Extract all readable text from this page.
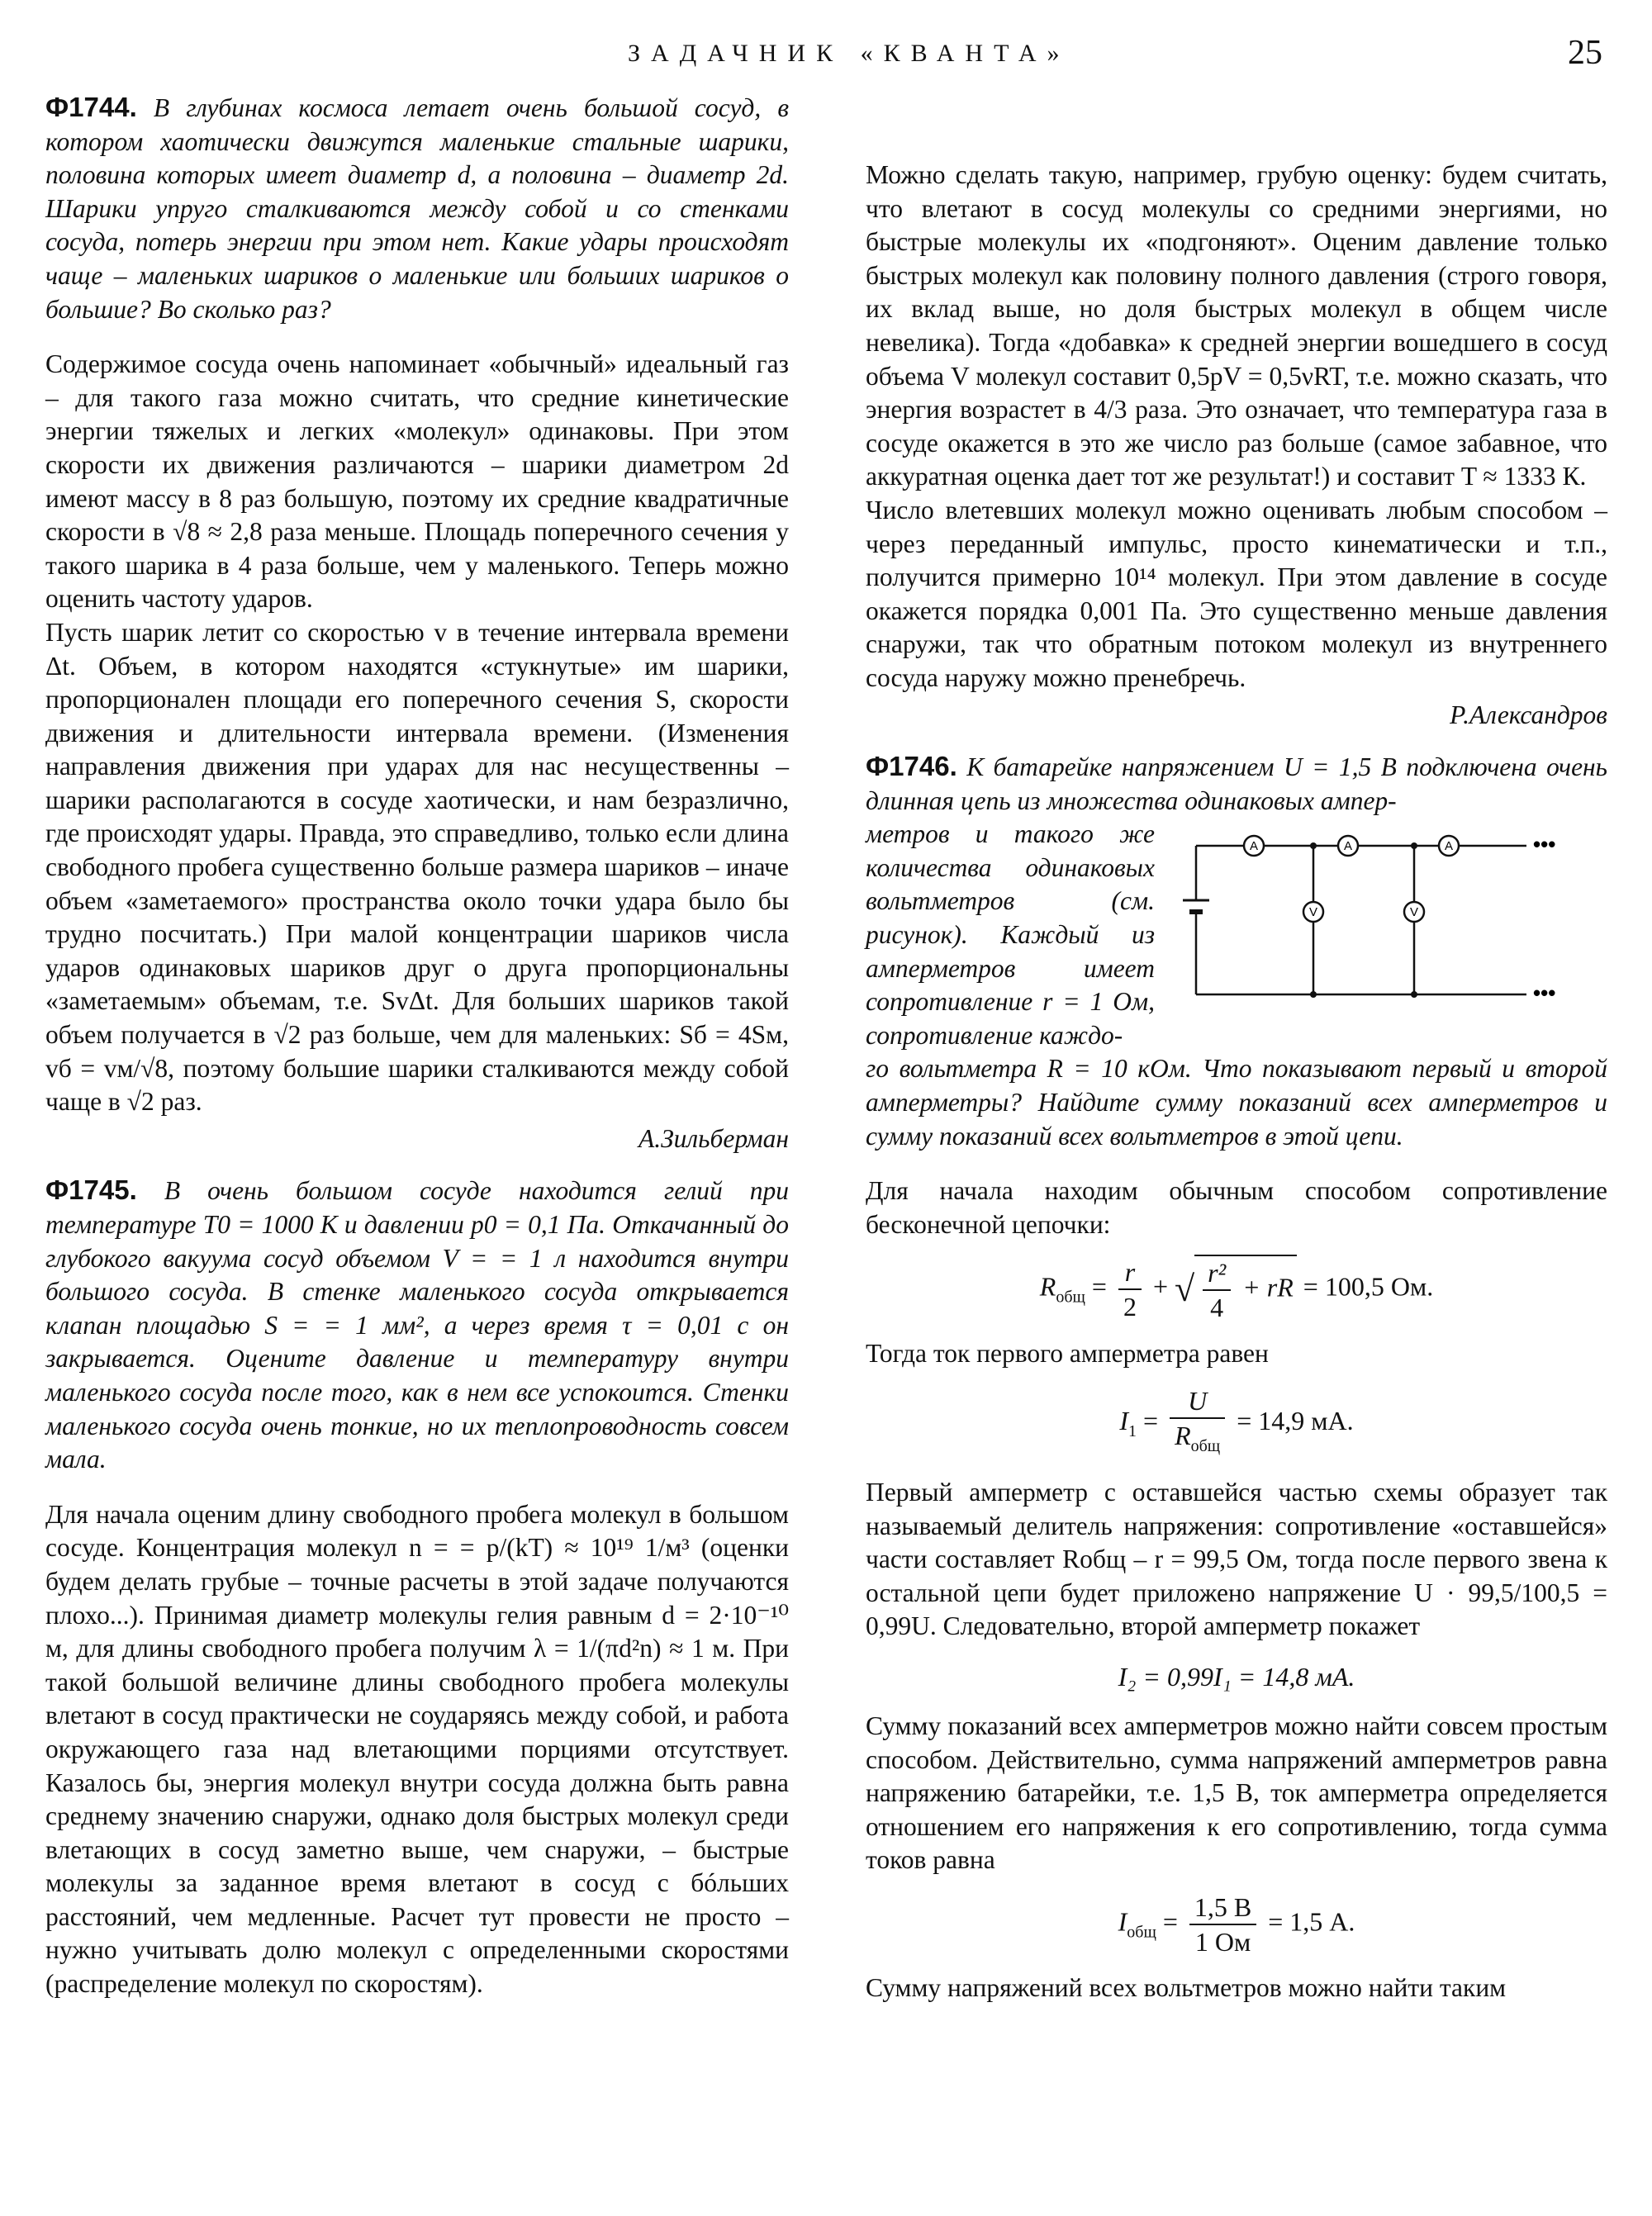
ЗАДАЧНИК «КВАНТА»	25

Ф1744. В глубинах космоса летает очень большой сосуд, в котором хаотически движутся маленькие стальные шарики, половина которых имеет диаметр d, а половина – диаметр 2d. Шарики упруго сталкиваются между собой и со стенками сосуда, потерь энергии при этом нет. Какие удары происходят чаще – маленьких шариков о маленькие или больших шариков о большие? Во сколько раз?

Содержимое сосуда очень напоминает «обычный» идеальный газ – для такого газа можно считать, что средние кинетические энергии тяжелых и легких «молекул» одинаковы. При этом скорости их движения различаются – шарики диаметром 2d имеют массу в 8 раз большую, поэтому их средние квадратичные скорости в √8 ≈ 2,8 раза меньше. Площадь поперечного сечения у такого шарика в 4 раза больше, чем у маленького. Теперь можно оценить частоту ударов.

Пусть шарик летит со скоростью v в течение интервала времени Δt. Объем, в котором находятся «стукнутые» им шарики, пропорционален площади его поперечного сечения S, скорости движения и длительности интервала времени. (Изменения направления движения при ударах для нас несущественны – шарики располагаются в сосуде хаотически, и нам безразлично, где происходят удары. Правда, это справедливо, только если длина свободного пробега существенно больше размера шариков – иначе объем «заметаемого» пространства около точки удара было бы трудно посчитать.) При малой концентрации шариков числа ударов одинаковых шариков друг о друга пропорциональны «заметаемым» объемам, т.е. SvΔt. Для больших шариков такой объем получается в √2 раз больше, чем для маленьких: Sб = 4Sм, vб = vм/√8, поэтому большие шарики сталкиваются между собой чаще в √2 раз.

А.Зильберман

Ф1745. В очень большом сосуде находится гелий при температуре T0 = 1000 К и давлении p0 = 0,1 Па. Откачанный до глубокого вакуума сосуд объемом V = = 1 л находится внутри большого сосуда. В стенке маленького сосуда открывается клапан площадью S = = 1 мм², а через время τ = 0,01 с он закрывается. Оцените давление и температуру внутри маленького сосуда после того, как в нем все успокоится. Стенки маленького сосуда очень тонкие, но их теплопроводность совсем мала.

Для начала оценим длину свободного пробега молекул в большом сосуде. Концентрация молекул n = = p/(kT) ≈ 10¹⁹ 1/м³ (оценки будем делать грубые – точные расчеты в этой задаче получаются плохо...). Принимая диаметр молекулы гелия равным d = 2·10⁻¹⁰ м, для длины свободного пробега получим λ = 1/(πd²n) ≈ 1 м. При такой большой величине длины свободного пробега молекулы влетают в сосуд практически не соударяясь между собой, и работа окружающего газа над влетающими порциями отсутствует. Казалось бы, энергия молекул внутри сосуда должна быть равна среднему значению снаружи, однако доля быстрых молекул среди влетающих в сосуд заметно выше, чем снаружи, – быстрые молекулы за заданное время влетают в сосуд с бóльших расстояний, чем медленные. Расчет тут провести не просто – нужно учитывать долю молекул с определенными скоростями (распределение молекул по скоростям).

Можно сделать такую, например, грубую оценку: будем считать, что влетают в сосуд молекулы со средними энергиями, но быстрые молекулы их «подгоняют». Оценим давление только быстрых молекул как половину полного давления (строго говоря, их вклад выше, но доля быстрых молекул в общем числе невелика). Тогда «добавка» к средней энергии вошедшего в сосуд объема V молекул составит 0,5pV = 0,5νRT, т.е. можно сказать, что энергия возрастет в 4/3 раза. Это означает, что температура газа в сосуде окажется в это же число раз больше (самое забавное, что аккуратная оценка дает тот же результат!) и составит T ≈ 1333 К.

Число влетевших молекул можно оценивать любым способом – через переданный импульс, просто кинематически и т.п., получится примерно 10¹⁴ молекул. При этом давление в сосуде окажется порядка 0,001 Па. Это существенно меньше давления снаружи, так что обратным потоком молекул из внутреннего сосуда наружу можно пренебречь.

Р.Александров

Ф1746. К батарейке напряжением U = 1,5 В подключена очень длинная цепь из множества одинаковых ампер-

метров и такого же количества одинаковых вольтметров (см. рисунок). Каждый из амперметров имеет сопротивление r = 1 Ом, сопротивление каждо-

A	A	A
V	V
•••
•••

го вольтметра R = 10 кОм. Что показывают первый и второй амперметры? Найдите сумму показаний всех амперметров и сумму показаний всех вольтметров в этой цепи.

Для начала находим обычным способом сопротивление бесконечной цепочки:

$R_{общ} = \frac{r}{2}$ + √ $\frac{\text{r²}}{4}$ + rR = 100,5 Ом.

Тогда ток первого амперметра равен

$I_1 = \frac{U}{R_{общ}} = 14,9$ мА.

Первый амперметр с оставшейся частью схемы образует так называемый делитель напряжения: сопротивление «оставшейся» части составляет Rобщ – r = 99,5 Ом, тогда после первого звена к остальной цепи будет приложено напряжение U · 99,5/100,5 = 0,99U. Следовательно, второй амперметр покажет

I₂ = 0,99I₁ = 14,8 мА.

Сумму показаний всех амперметров можно найти совсем простым способом. Действительно, сумма напряжений амперметров равна напряжению батарейки, т.е. 1,5 В, ток амперметра определяется отношением его напряжения к его сопротивлению, тогда сумма токов равна

$I_{общ} = \frac{1,5 В}{1 Ом} = 1,5$ А.

Сумму напряжений всех вольтметров можно найти таким
